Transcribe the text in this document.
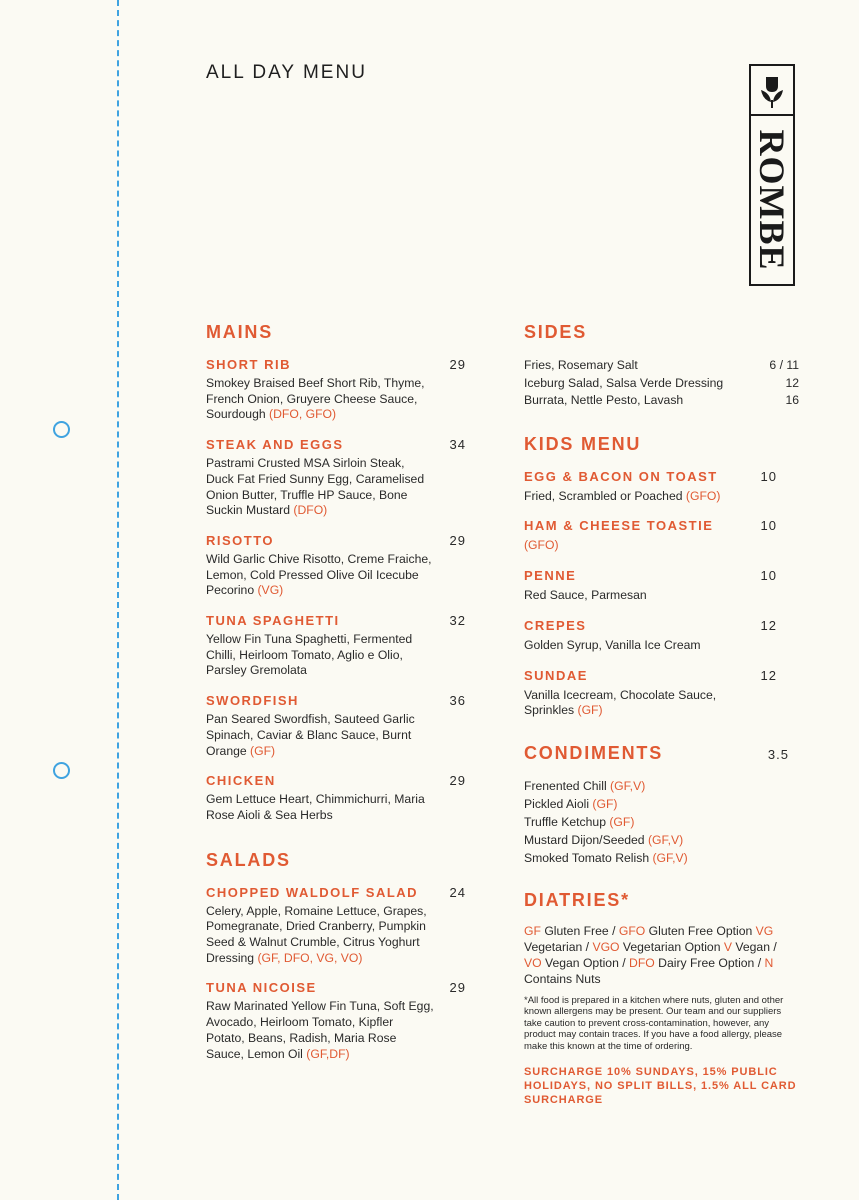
ALL DAY MENU
ROMBE
MAINS
SHORT RIB	29

Smokey Braised Beef Short Rib, Thyme, French Onion, Gruyere Cheese Sauce, Sourdough (DFO, GFO)

STEAK AND EGGS	34

Pastrami Crusted MSA Sirloin Steak, Duck Fat Fried Sunny Egg, Caramelised Onion Butter, Truffle HP Sauce, Bone Suckin Mustard (DFO)

RISOTTO	29

Wild Garlic Chive Risotto, Creme Fraiche, Lemon, Cold Pressed Olive Oil Icecube Pecorino (VG)

TUNA SPAGHETTI	32

Yellow Fin Tuna Spaghetti, Fermented Chilli, Heirloom Tomato, Aglio e Olio, Parsley Gremolata

SWORDFISH	36

Pan Seared Swordfish, Sauteed Garlic Spinach, Caviar & Blanc Sauce, Burnt Orange (GF)

CHICKEN	29

Gem Lettuce Heart, Chimmichurri, Maria Rose Aioli & Sea Herbs

SALADS
CHOPPED WALDOLF SALAD	24

Celery, Apple, Romaine Lettuce, Grapes, Pomegranate, Dried Cranberry, Pumpkin Seed & Walnut Crumble, Citrus Yoghurt Dressing (GF, DFO, VG, VO)

TUNA NICOISE	29

Raw Marinated Yellow Fin Tuna, Soft Egg, Avocado, Heirloom Tomato, Kipfler Potato, Beans, Radish, Maria Rose Sauce, Lemon Oil (GF,DF)

SIDES
Fries, Rosemary Salt	6 / 11
Iceburg Salad, Salsa Verde Dressing	12
Burrata, Nettle Pesto, Lavash	16
KIDS MENU
EGG & BACON ON TOAST	10

Fried, Scrambled or Poached (GFO)

HAM & CHEESE TOASTIE	10

(GFO)

PENNE	10

Red Sauce, Parmesan

CREPES	12

Golden Syrup, Vanilla Ice Cream

SUNDAE	12

Vanilla Icecream, Chocolate Sauce, Sprinkles (GF)

CONDIMENTS	3.5
Frenented Chill (GF,V)
Pickled Aioli (GF)
Truffle Ketchup (GF)
Mustard Dijon/Seeded (GF,V)
Smoked Tomato Relish (GF,V)
DIATRIES*
GF Gluten Free / GFO Gluten Free Option VG Vegetarian / VGO Vegetarian Option V Vegan / VO Vegan Option / DFO Dairy Free Option / N Contains Nuts

*All food is prepared in a kitchen where nuts, gluten and other known allergens may be present. Our team and our suppliers take caution to prevent cross-contamination, however, any product may contain traces. If you have a food allergy, please make this known at the time of ordering.

SURCHARGE 10% SUNDAYS, 15% PUBLIC HOLIDAYS, NO SPLIT BILLS, 1.5% ALL CARD SURCHARGE
